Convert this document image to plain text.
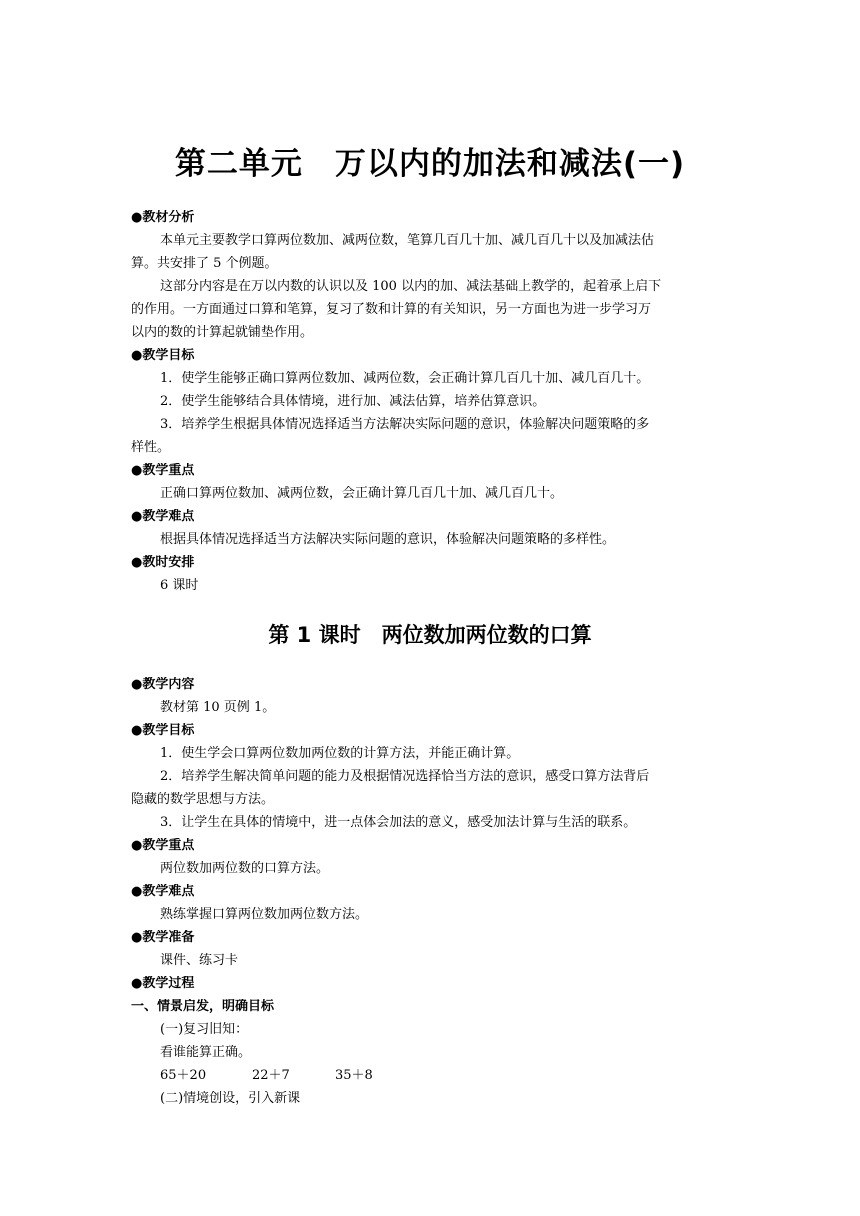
第二单元　万以内的加法和减法(一)
●教材分析
本单元主要教学口算两位数加、减两位数，笔算几百几十加、减几百几十以及加减法估
算。共安排了 5 个例题。
这部分内容是在万以内数的认识以及 100 以内的加、减法基础上教学的，起着承上启下
的作用。一方面通过口算和笔算，复习了数和计算的有关知识，另一方面也为进一步学习万
以内的数的计算起就铺垫作用。
●教学目标
1．使学生能够正确口算两位数加、减两位数，会正确计算几百几十加、减几百几十。
2．使学生能够结合具体情境，进行加、减法估算，培养估算意识。
3．培养学生根据具体情况选择适当方法解决实际问题的意识，体验解决问题策略的多
样性。
●教学重点
正确口算两位数加、减两位数，会正确计算几百几十加、减几百几十。
●教学难点
根据具体情况选择适当方法解决实际问题的意识，体验解决问题策略的多样性。
●教时安排
6 课时
第 1 课时　两位数加两位数的口算
●教学内容
教材第 10 页例 1。
●教学目标
1．使生学会口算两位数加两位数的计算方法，并能正确计算。
2．培养学生解决简单问题的能力及根据情况选择恰当方法的意识，感受口算方法背后
隐藏的数学思想与方法。
3．让学生在具体的情境中，进一点体会加法的意义，感受加法计算与生活的联系。
●教学重点
两位数加两位数的口算方法。
●教学难点
熟练掌握口算两位数加两位数方法。
●教学准备
课件、练习卡
●教学过程
一、情景启发，明确目标
(一)复习旧知：
看谁能算正确。
65＋20	22＋7	35＋8
(二)情境创设，引入新课
